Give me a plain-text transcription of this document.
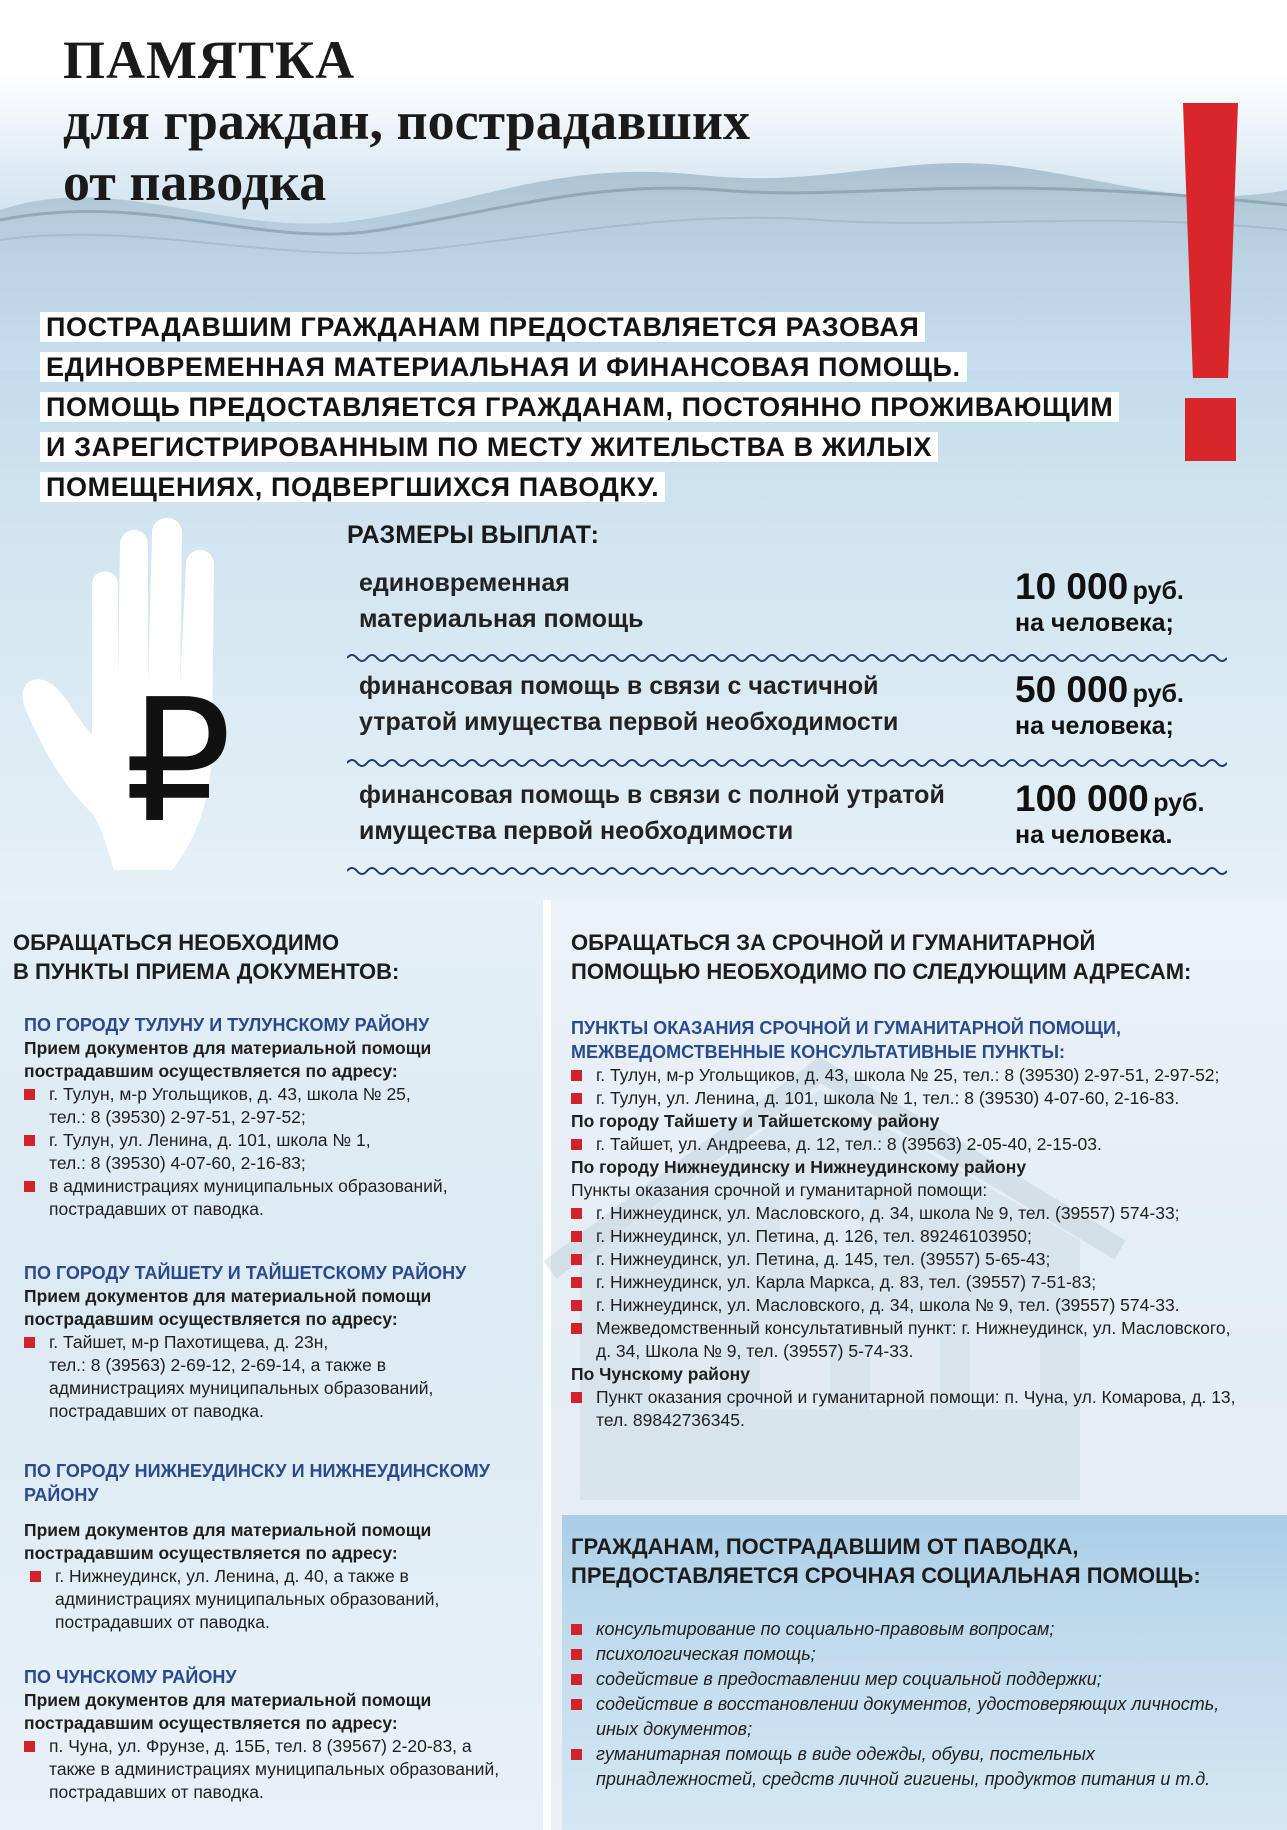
ПАМЯТКА
для граждан, пострадавших
от паводка
ПОСТРАДАВШИМ ГРАЖДАНАМ ПРЕДОСТАВЛЯЕТСЯ РАЗОВАЯ
ЕДИНОВРЕМЕННАЯ МАТЕРИАЛЬНАЯ И ФИНАНСОВАЯ ПОМОЩЬ.
ПОМОЩЬ ПРЕДОСТАВЛЯЕТСЯ ГРАЖДАНАМ, ПОСТОЯННО ПРОЖИВАЮЩИМ
И ЗАРЕГИСТРИРОВАННЫМ ПО МЕСТУ ЖИТЕЛЬСТВА В ЖИЛЫХ
ПОМЕЩЕНИЯХ, ПОДВЕРГШИХСЯ ПАВОДКУ.
₽
РАЗМЕРЫ ВЫПЛАТ:
единовременная
материальная помощь
10 000 руб.
на человека;
финансовая помощь в связи с частичной
утратой имущества первой необходимости
50 000 руб.
на человека;
финансовая помощь в связи с полной утратой
имущества первой необходимости
100 000 руб.
на человека.
ОБРАЩАТЬСЯ НЕОБХОДИМО
В ПУНКТЫ ПРИЕМА ДОКУМЕНТОВ:
ПО ГОРОДУ ТУЛУНУ И ТУЛУНСКОМУ РАЙОНУ
Прием документов для материальной помощи
пострадавшим осуществляется по адресу:
г. Тулун, м-р Угольщиков, д. 43, школа № 25,
тел.: 8 (39530) 2-97-51, 2-97-52;
г. Тулун, ул. Ленина, д. 101, школа № 1,
тел.: 8 (39530) 4-07-60, 2-16-83;
в администрациях муниципальных образований,
пострадавших от паводка.
ПО ГОРОДУ ТАЙШЕТУ И ТАЙШЕТСКОМУ РАЙОНУ
Прием документов для материальной помощи
пострадавшим осуществляется по адресу:
г. Тайшет, м-р Пахотищева, д. 23н,
тел.: 8 (39563) 2-69-12, 2-69-14, а также в
администрациях муниципальных образований,
пострадавших от паводка.
ПО ГОРОДУ НИЖНЕУДИНСКУ И НИЖНЕУДИНСКОМУ
РАЙОНУ
Прием документов для материальной помощи
пострадавшим осуществляется по адресу:
г. Нижнеудинск, ул. Ленина, д. 40, а также в
администрациях муниципальных образований,
пострадавших от паводка.
ПО ЧУНСКОМУ РАЙОНУ
Прием документов для материальной помощи
пострадавшим осуществляется по адресу:
п. Чуна, ул. Фрунзе, д. 15Б, тел. 8 (39567) 2-20-83, а
также в администрациях муниципальных образований,
пострадавших от паводка.
ОБРАЩАТЬСЯ ЗА СРОЧНОЙ И ГУМАНИТАРНОЙ
ПОМОЩЬЮ НЕОБХОДИМО ПО СЛЕДУЮЩИМ АДРЕСАМ:
ПУНКТЫ ОКАЗАНИЯ СРОЧНОЙ И ГУМАНИТАРНОЙ ПОМОЩИ,
МЕЖВЕДОМСТВЕННЫЕ КОНСУЛЬТАТИВНЫЕ ПУНКТЫ:
г. Тулун, м-р Угольщиков, д. 43, школа № 25, тел.: 8 (39530) 2-97-51, 2-97-52;
г. Тулун, ул. Ленина, д. 101, школа № 1, тел.: 8 (39530) 4-07-60, 2-16-83.
По городу Тайшету и Тайшетскому району
г. Тайшет, ул. Андреева, д. 12, тел.: 8 (39563) 2-05-40, 2-15-03.
По городу Нижнеудинску и Нижнеудинскому району
Пункты оказания срочной и гуманитарной помощи:
г. Нижнеудинск, ул. Масловского, д. 34, школа № 9, тел. (39557) 574-33;
г. Нижнеудинск, ул. Петина, д. 126, тел. 89246103950;
г. Нижнеудинск, ул. Петина, д. 145, тел. (39557) 5-65-43;
г. Нижнеудинск, ул. Карла Маркса, д. 83, тел. (39557) 7-51-83;
г. Нижнеудинск, ул. Масловского, д. 34, школа № 9, тел. (39557) 574-33.
Межведомственный консультативный пункт: г. Нижнеудинск, ул. Масловского,
д. 34, Школа № 9, тел. (39557) 5-74-33.
По Чунскому району
Пункт оказания срочной и гуманитарной помощи: п. Чуна, ул. Комарова, д. 13,
тел. 89842736345.
ГРАЖДАНАМ, ПОСТРАДАВШИМ ОТ ПАВОДКА,
ПРЕДОСТАВЛЯЕТСЯ СРОЧНАЯ СОЦИАЛЬНАЯ ПОМОЩЬ:
консультирование по социально-правовым вопросам;
психологическая помощь;
содействие в предоставлении мер социальной поддержки;
содействие в восстановлении документов, удостоверяющих личность,
иных документов;
гуманитарная помощь в виде одежды, обуви, постельных
принадлежностей, средств личной гигиены, продуктов питания и т.д.
